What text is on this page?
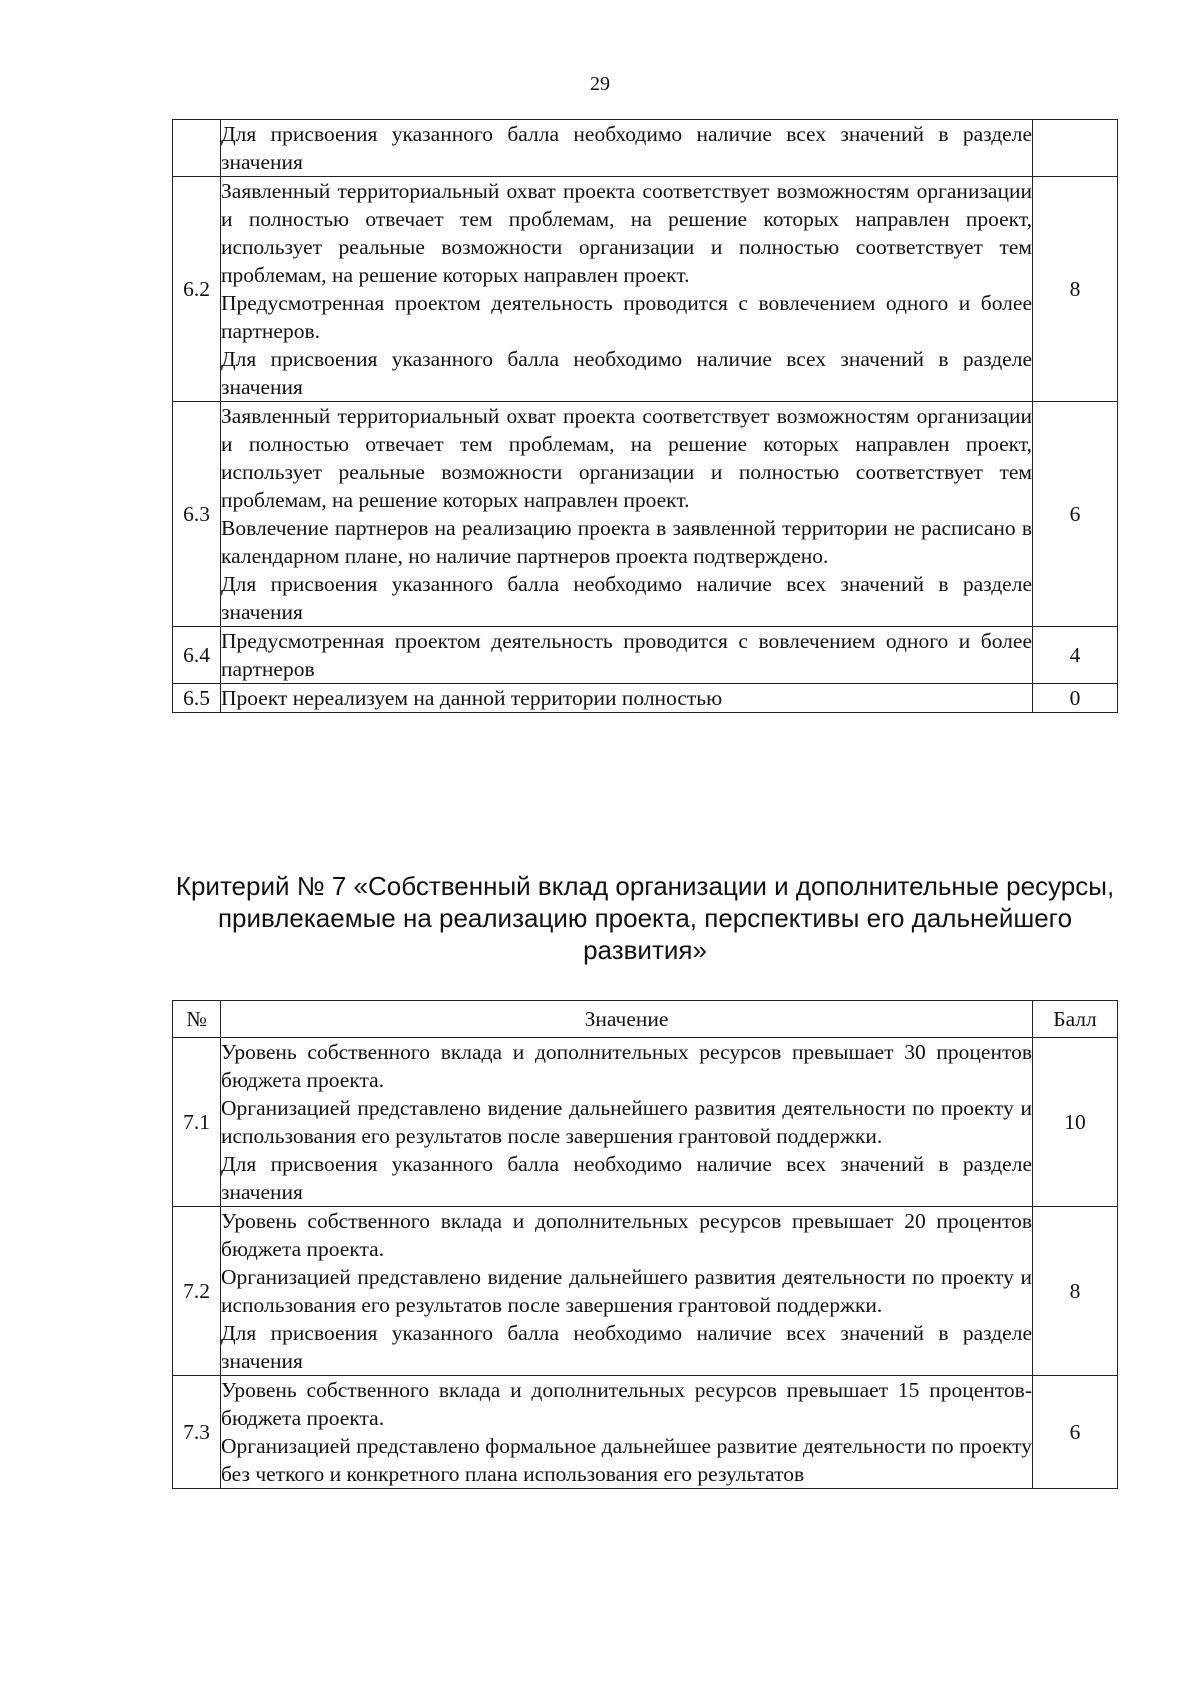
29

	Для присвоения указанного балла необходимо наличие всех значений в разделе значения	

6.2	Заявленный территориальный охват проекта соответствует возможностям организации и полностью отвечает тем проблемам, на решение которых направлен проект, использует реальные возможности организации и полностью соответствует тем проблемам, на решение которых направлен проект.

Предусмотренная проектом деятельность проводится с вовлечением одного и более партнеров.

Для присвоения указанного балла необходимо наличие всех значений в разделе значения	8
6.3	Заявленный территориальный охват проекта соответствует возможностям организации и полностью отвечает тем проблемам, на решение которых направлен проект, использует реальные возможности организации и полностью соответствует тем проблемам, на решение которых направлен проект.

Вовлечение партнеров на реализацию проекта в заявленной территории не расписано в календарном плане, но наличие партнеров проекта подтверждено.

Для присвоения указанного балла необходимо наличие всех значений в разделе значения	6
6.4	Предусмотренная проектом деятельность проводится с вовлечением одного и более партнеров	4
6.5	Проект нереализуем на данной территории полностью	0
Критерий № 7 «Собственный вклад организации и дополнительные ресурсы, привлекаемые на реализацию проекта, перспективы его дальнейшего развития»
№	Значение	Балл
7.1	Уровень собственного вклада и дополнительных ресурсов превышает 30 процентов бюджета проекта.

Организацией представлено видение дальнейшего развития деятельности по проекту и использования его результатов после завершения грантовой поддержки.

Для присвоения указанного балла необходимо наличие всех значений в разделе значения	10
7.2	Уровень собственного вклада и дополнительных ресурсов превышает 20 процентов бюджета проекта.

Организацией представлено видение дальнейшего развития деятельности по проекту и использования его результатов после завершения грантовой поддержки.

Для присвоения указанного балла необходимо наличие всех значений в разделе значения	8
7.3	Уровень собственного вклада и дополнительных ресурсов превышает 15 процентов-бюджета проекта.

Организацией представлено формальное дальнейшее развитие деятельности по проекту без четкого и конкретного плана использования его результатов	6
